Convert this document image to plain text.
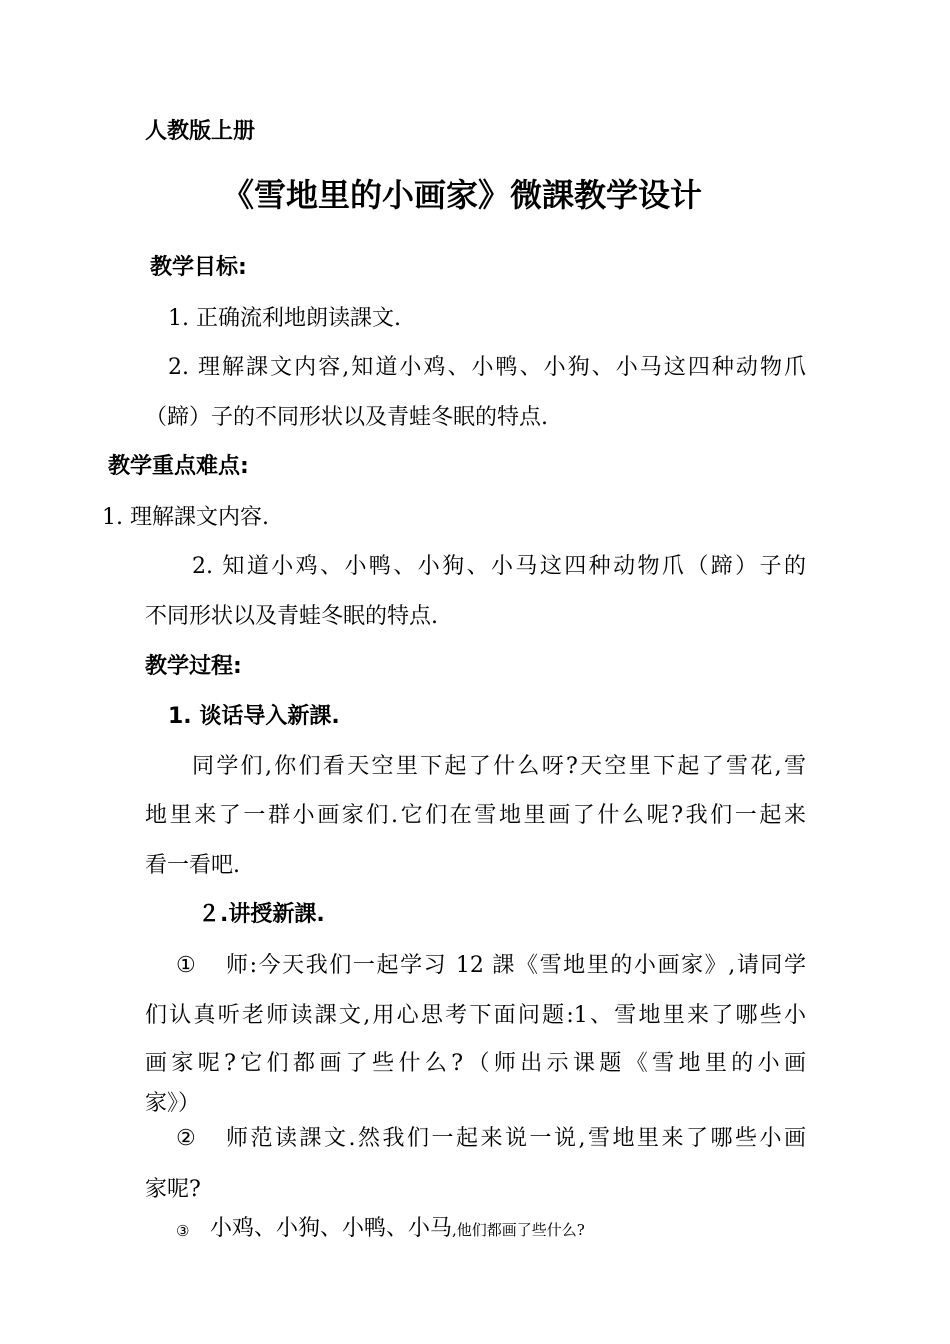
人教版上册
《雪地里的小画家》微課教学设计
教学目标:
1. 正确流利地朗读課文.
2. 理解課文内容,知道小鸡、小鸭、小狗、小马这四种动物爪
（蹄）子的不同形状以及青蛙冬眠的特点.
教学重点难点:
1. 理解課文内容.
2. 知道小鸡、小鸭、小狗、小马这四种动物爪（蹄）子的
不同形状以及青蛙冬眠的特点.
教学过程:
1. 谈话导入新課.
同学们,你们看天空里下起了什么呀?天空里下起了雪花,雪
地里来了一群小画家们.它们在雪地里画了什么呢?我们一起来
看一看吧.
２.讲授新課.
① 师:今天我们一起学习 12 課《雪地里的小画家》,请同学
们认真听老师读課文,用心思考下面问题:1、雪地里来了哪些小
画家呢?它们都画了些什么?（师出示课题《雪地里的小画
家》）
② 师范读課文.然我们一起来说一说,雪地里来了哪些小画
家呢?
③ 小鸡、小狗、小鸭、小马,他们都画了些什么?
